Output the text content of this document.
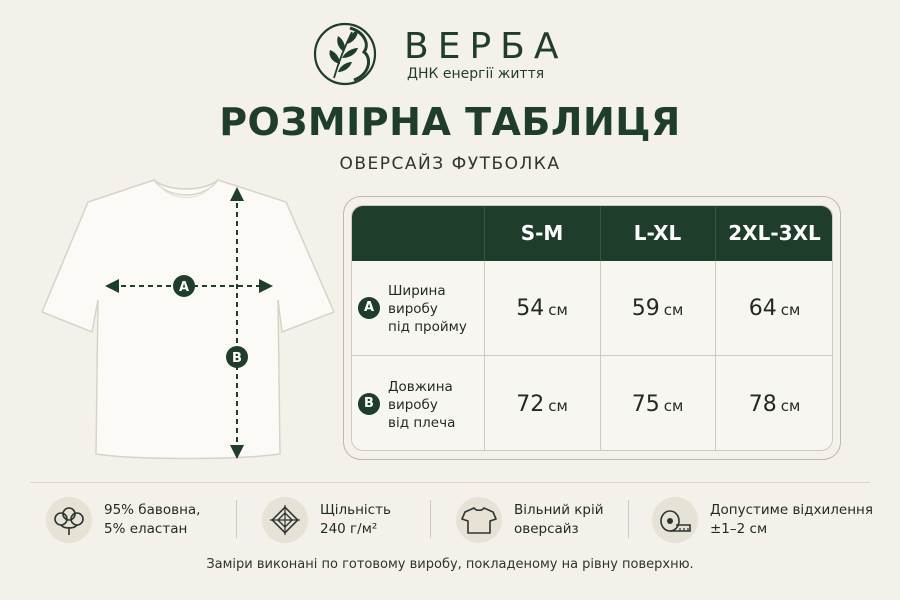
ВЕРБА
ДНК енергії життя
РОЗМІРНА ТАБЛИЦЯ
ОВЕРСАЙЗ ФУТБОЛКА
A
B
S-M	L-XL	2XL-3XL
A
Ширина
виробу
під пройму
54 см	59 см	64 см
B
Довжина
виробу
від плеча
72 см	75 см	78 см
95% бавовна,
5% еластан
Щільність
240 г/м²
Вільний крій
оверсайз
Допустиме відхилення
±1–2 см
Заміри виконані по готовому виробу, покладеному на рівну поверхню.
